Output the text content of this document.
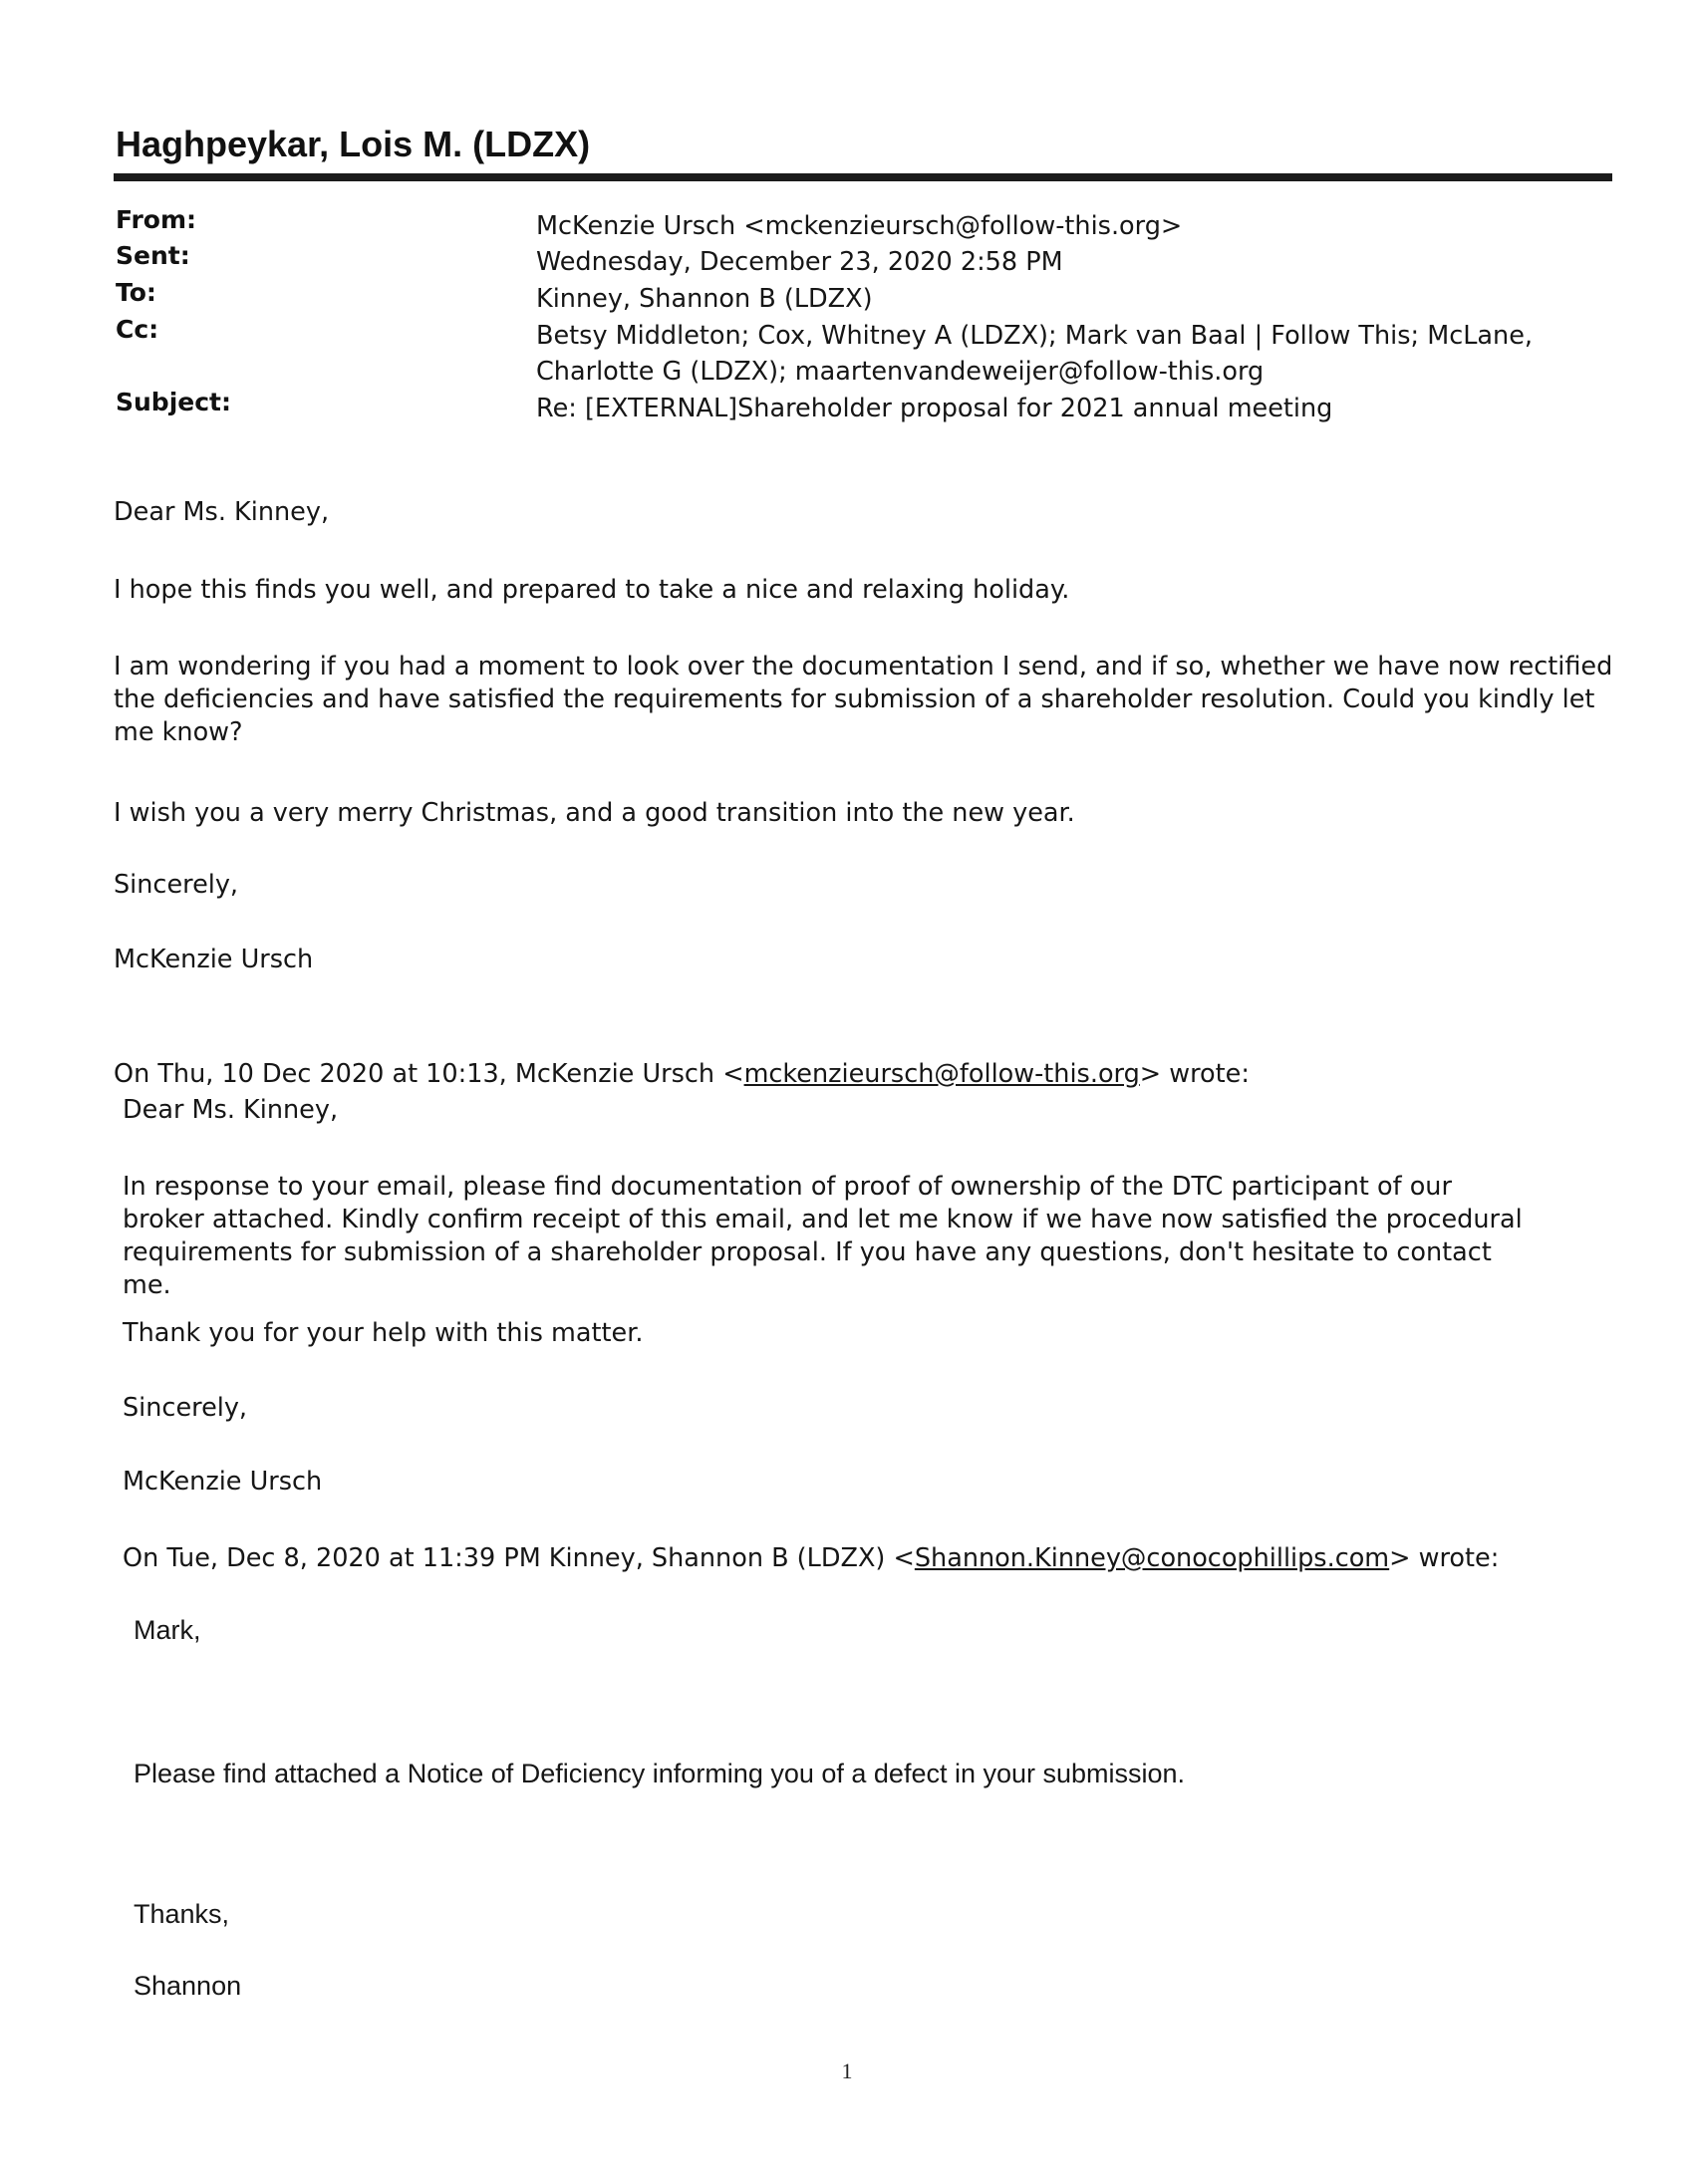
Haghpeykar, Lois M. (LDZX)
From:
Sent:
To:
Cc:
Subject:
McKenzie Ursch <mckenzieursch@follow-this.org>
Wednesday, December 23, 2020 2:58 PM
Kinney, Shannon B (LDZX)
Betsy Middleton; Cox, Whitney A (LDZX); Mark van Baal | Follow This; McLane, Charlotte G (LDZX); maartenvandeweijer@follow-this.org
Re: [EXTERNAL]Shareholder proposal for 2021 annual meeting
Dear Ms. Kinney,
I hope this finds you well, and prepared to take a nice and relaxing holiday.
I am wondering if you had a moment to look over the documentation I send, and if so, whether we have now rectified the deficiencies and have satisfied the requirements for submission of a shareholder resolution. Could you kindly let me know?
I wish you a very merry Christmas, and a good transition into the new year.
Sincerely,
McKenzie Ursch
On Thu, 10 Dec 2020 at 10:13, McKenzie Ursch <mckenzieursch@follow-this.org> wrote:
Dear Ms. Kinney,
In response to your email, please find documentation of proof of ownership of the DTC participant of our broker attached. Kindly confirm receipt of this email, and let me know if we have now satisfied the procedural requirements for submission of a shareholder proposal. If you have any questions, don't hesitate to contact me.
Thank you for your help with this matter.
Sincerely,
McKenzie Ursch
On Tue, Dec 8, 2020 at 11:39 PM Kinney, Shannon B (LDZX) <Shannon.Kinney@conocophillips.com> wrote:
Mark,
Please find attached a Notice of Deficiency informing you of a defect in your submission.
Thanks,
Shannon
1
